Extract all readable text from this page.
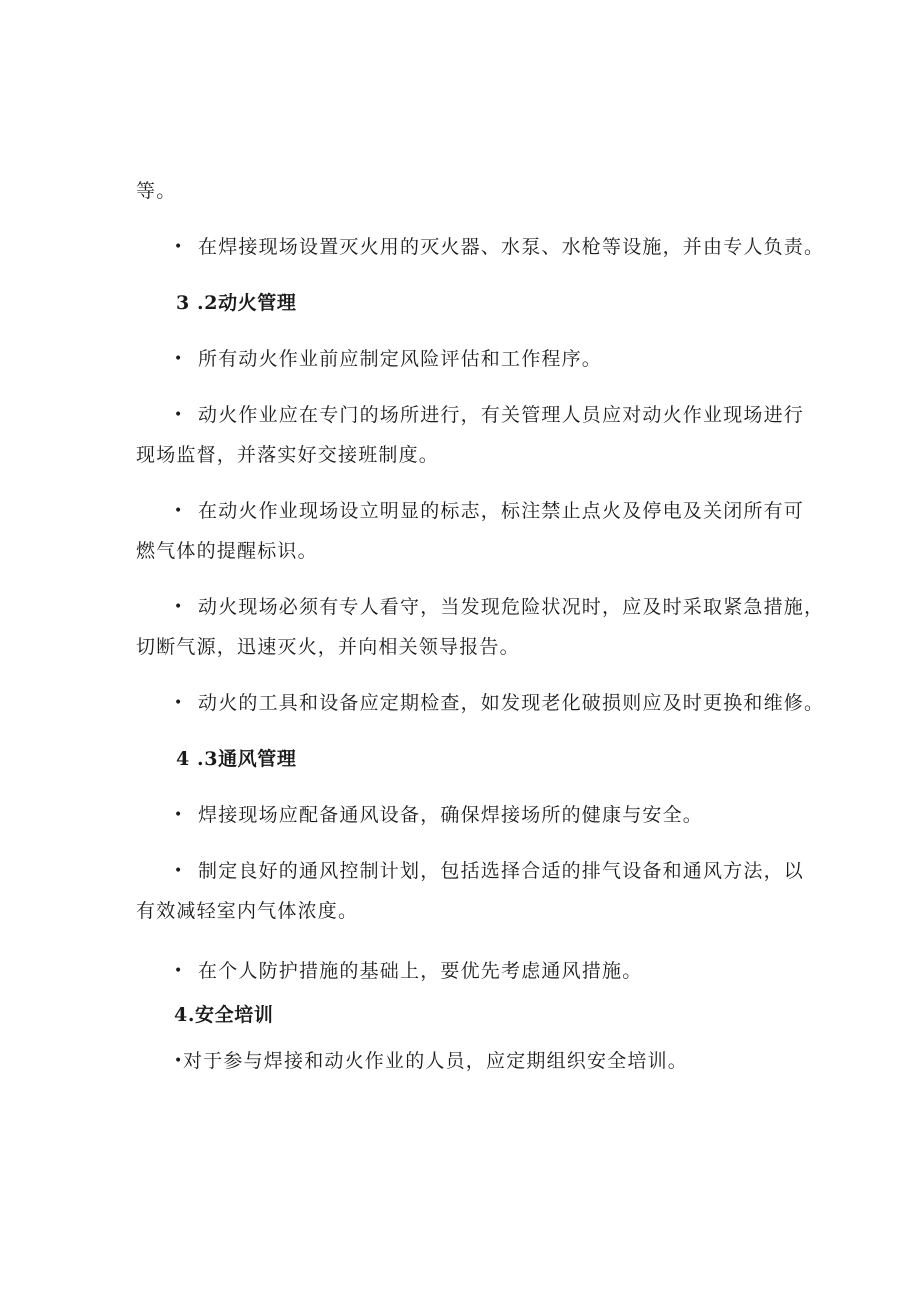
等。
• 在焊接现场设置灭火用的灭火器、水泵、水枪等设施，并由专人负责。
3 .2动火管理
• 所有动火作业前应制定风险评估和工作程序。
• 动火作业应在专门的场所进行，有关管理人员应对动火作业现场进行
现场监督，并落实好交接班制度。
• 在动火作业现场设立明显的标志，标注禁止点火及停电及关闭所有可
燃气体的提醒标识。
• 动火现场必须有专人看守，当发现危险状况时，应及时采取紧急措施，
切断气源，迅速灭火，并向相关领导报告。
• 动火的工具和设备应定期检查，如发现老化破损则应及时更换和维修。
4 .3通风管理
• 焊接现场应配备通风设备，确保焊接场所的健康与安全。
• 制定良好的通风控制计划，包括选择合适的排气设备和通风方法，以
有效减轻室内气体浓度。
• 在个人防护措施的基础上，要优先考虑通风措施。
4.安全培训
•对于参与焊接和动火作业的人员，应定期组织安全培训。
